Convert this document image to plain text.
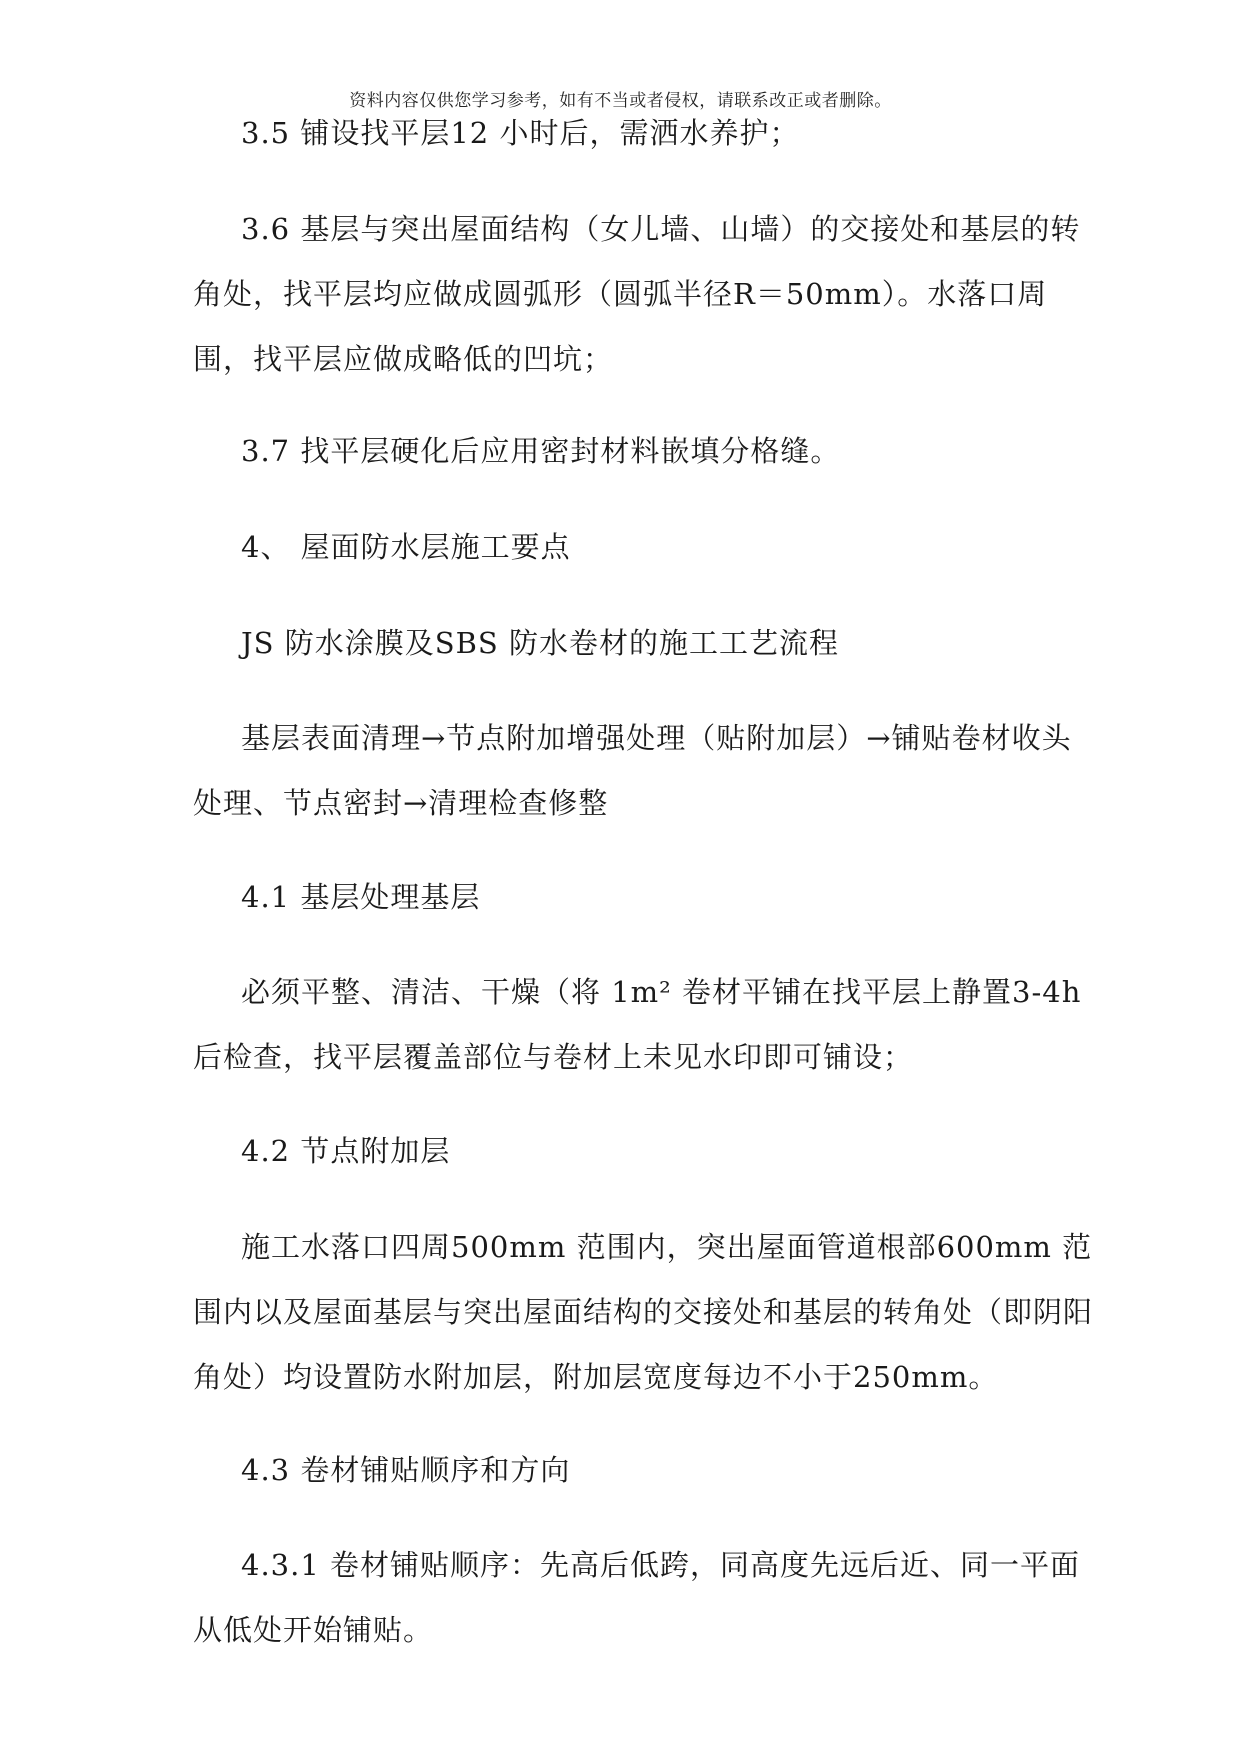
资料内容仅供您学习参考，如有不当或者侵权，请联系改正或者删除。
3.5 铺设找平层12 小时后，需洒水养护；
3.6 基层与突出屋面结构（女儿墙、山墙）的交接处和基层的转角处，找平层均应做成圆弧形（圆弧半径R＝50mm）。水落口周围，找平层应做成略低的凹坑；
3.7 找平层硬化后应用密封材料嵌填分格缝。
4、 屋面防水层施工要点
JS 防水涂膜及SBS 防水卷材的施工工艺流程
基层表面清理→节点附加增强处理（贴附加层）→铺贴卷材收头处理、节点密封→清理检查修整
4.1 基层处理基层
必须平整、清洁、干燥（将 1m² 卷材平铺在找平层上静置3-4h 后检查，找平层覆盖部位与卷材上未见水印即可铺设；
4.2 节点附加层
施工水落口四周500mm 范围内，突出屋面管道根部600mm 范围内以及屋面基层与突出屋面结构的交接处和基层的转角处（即阴阳角处）均设置防水附加层，附加层宽度每边不小于250mm。
4.3 卷材铺贴顺序和方向
4.3.1 卷材铺贴顺序：先高后低跨，同高度先远后近、同一平面从低处开始铺贴。
